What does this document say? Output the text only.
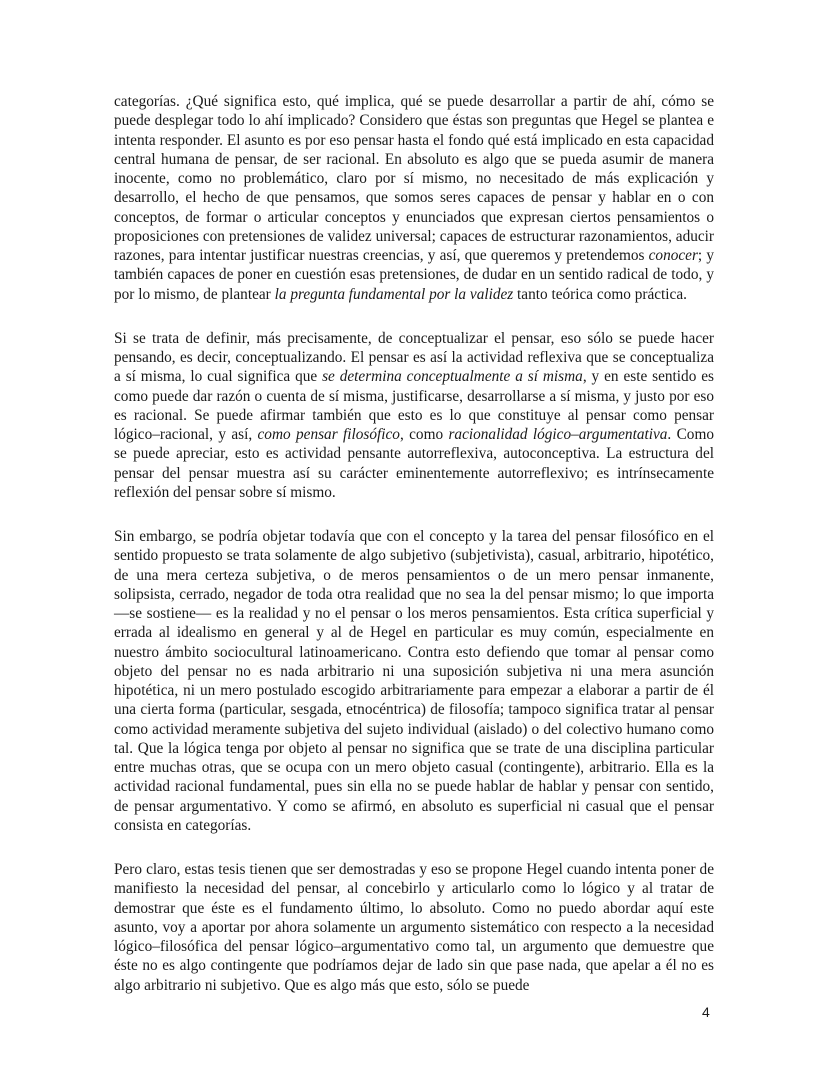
categorías. ¿Qué significa esto, qué implica, qué se puede desarrollar a partir de ahí, cómo se puede desplegar todo lo ahí implicado? Considero que éstas son preguntas que Hegel se plantea e intenta responder. El asunto es por eso pensar hasta el fondo qué está implicado en esta capacidad central humana de pensar, de ser racional. En absoluto es algo que se pueda asumir de manera inocente, como no problemático, claro por sí mismo, no necesitado de más explicación y desarrollo, el hecho de que pensamos, que somos seres capaces de pensar y hablar en o con conceptos, de formar o articular conceptos y enunciados que expresan ciertos pensamientos o proposiciones con pretensiones de validez universal; capaces de estructurar razonamientos, aducir razones, para intentar justificar nuestras creencias, y así, que queremos y pretendemos conocer; y también capaces de poner en cuestión esas pretensiones, de dudar en un sentido radical de todo, y por lo mismo, de plantear la pregunta fundamental por la validez tanto teórica como práctica.

Si se trata de definir, más precisamente, de conceptualizar el pensar, eso sólo se puede hacer pensando, es decir, conceptualizando. El pensar es así la actividad reflexiva que se conceptualiza a sí misma, lo cual significa que se determina conceptualmente a sí misma, y en este sentido es como puede dar razón o cuenta de sí misma, justificarse, desarrollarse a sí misma, y justo por eso es racional. Se puede afirmar también que esto es lo que constituye al pensar como pensar lógico–racional, y así, como pensar filosófico, como racionalidad lógico–argumentativa. Como se puede apreciar, esto es actividad pensante autorreflexiva, autoconceptiva. La estructura del pensar del pensar muestra así su carácter eminentemente autorreflexivo; es intrínsecamente reflexión del pensar sobre sí mismo.

Sin embargo, se podría objetar todavía que con el concepto y la tarea del pensar filosófico en el sentido propuesto se trata solamente de algo subjetivo (subjetivista), casual, arbitrario, hipotético, de una mera certeza subjetiva, o de meros pensamientos o de un mero pensar inmanente, solipsista, cerrado, negador de toda otra realidad que no sea la del pensar mismo; lo que importa —se sostiene— es la realidad y no el pensar o los meros pensamientos. Esta crítica superficial y errada al idealismo en general y al de Hegel en particular es muy común, especialmente en nuestro ámbito sociocultural latinoamericano. Contra esto defiendo que tomar al pensar como objeto del pensar no es nada arbitrario ni una suposición subjetiva ni una mera asunción hipotética, ni un mero postulado escogido arbitrariamente para empezar a elaborar a partir de él una cierta forma (particular, sesgada, etnocéntrica) de filosofía; tampoco significa tratar al pensar como actividad meramente subjetiva del sujeto individual (aislado) o del colectivo humano como tal. Que la lógica tenga por objeto al pensar no significa que se trate de una disciplina particular entre muchas otras, que se ocupa con un mero objeto casual (contingente), arbitrario. Ella es la actividad racional fundamental, pues sin ella no se puede hablar de hablar y pensar con sentido, de pensar argumentativo. Y como se afirmó, en absoluto es superficial ni casual que el pensar consista en categorías.

Pero claro, estas tesis tienen que ser demostradas y eso se propone Hegel cuando intenta poner de manifiesto la necesidad del pensar, al concebirlo y articularlo como lo lógico y al tratar de demostrar que éste es el fundamento último, lo absoluto. Como no puedo abordar aquí este asunto, voy a aportar por ahora solamente un argumento sistemático con respecto a la necesidad lógico–filosófica del pensar lógico–argumentativo como tal, un argumento que demuestre que éste no es algo contingente que podríamos dejar de lado sin que pase nada, que apelar a él no es algo arbitrario ni subjetivo. Que es algo más que esto, sólo se puede

4
